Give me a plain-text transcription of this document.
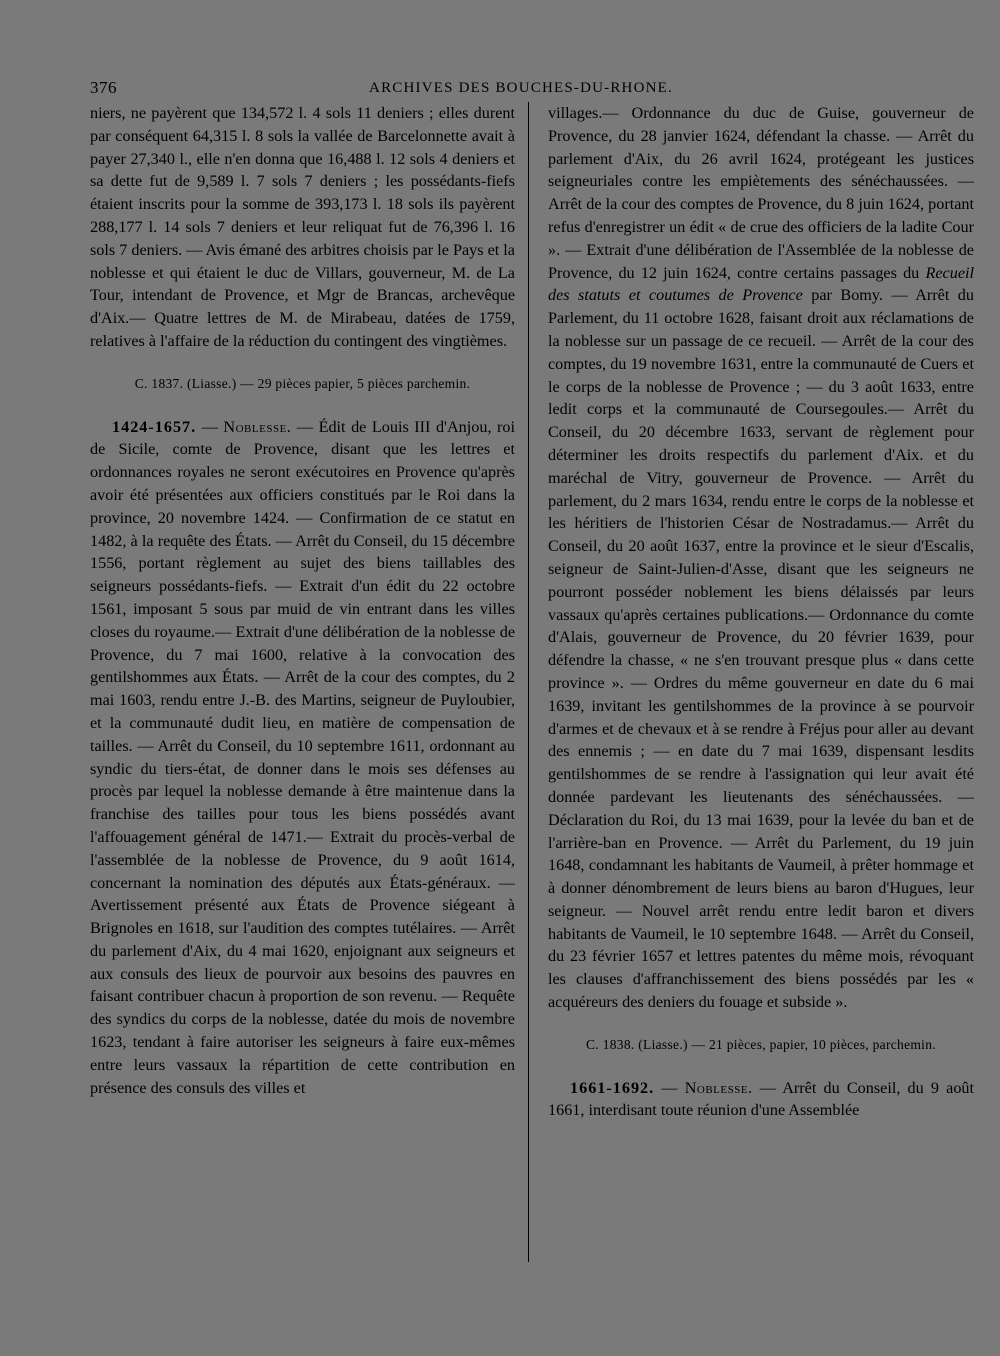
376	ARCHIVES DES BOUCHES-DU-RHONE.

niers, ne payèrent que 134,572 l. 4 sols 11 deniers ; elles durent par conséquent 64,315 l. 8 sols la vallée de Barcelonnette avait à payer 27,340 l., elle n'en donna que 16,488 l. 12 sols 4 deniers et sa dette fut de 9,589 l. 7 sols 7 deniers ; les possédants-fiefs étaient inscrits pour la somme de 393,173 l. 18 sols ils payèrent 288,177 l. 14 sols 7 deniers et leur reliquat fut de 76,396 l. 16 sols 7 deniers. — Avis émané des arbitres choisis par le Pays et la noblesse et qui étaient le duc de Villars, gouverneur, M. de La Tour, intendant de Provence, et Mgr de Brancas, archevêque d'Aix.— Quatre lettres de M. de Mirabeau, datées de 1759, relatives à l'affaire de la réduction du contingent des vingtièmes.

C. 1837. (Liasse.) — 29 pièces papier, 5 pièces parchemin.

1424-1657. — Noblesse. — Édit de Louis III d'Anjou, roi de Sicile, comte de Provence, disant que les lettres et ordonnances royales ne seront exécutoires en Provence qu'après avoir été présentées aux officiers constitués par le Roi dans la province, 20 novembre 1424. — Confirmation de ce statut en 1482, à la requête des États. — Arrêt du Conseil, du 15 décembre 1556, portant règlement au sujet des biens taillables des seigneurs possédants-fiefs. — Extrait d'un édit du 22 octobre 1561, imposant 5 sous par muid de vin entrant dans les villes closes du royaume.— Extrait d'une délibération de la noblesse de Provence, du 7 mai 1600, relative à la convocation des gentilshommes aux États. — Arrêt de la cour des comptes, du 2 mai 1603, rendu entre J.-B. des Martins, seigneur de Puyloubier, et la communauté dudit lieu, en matière de compensation de tailles. — Arrêt du Conseil, du 10 septembre 1611, ordonnant au syndic du tiers-état, de donner dans le mois ses défenses au procès par lequel la noblesse demande à être maintenue dans la franchise des tailles pour tous les biens possédés avant l'affouagement général de 1471.— Extrait du procès-verbal de l'assemblée de la noblesse de Provence, du 9 août 1614, concernant la nomination des députés aux États-généraux. — Avertissement présenté aux États de Provence siégeant à Brignoles en 1618, sur l'audition des comptes tutélaires. — Arrêt du parlement d'Aix, du 4 mai 1620, enjoignant aux seigneurs et aux consuls des lieux de pourvoir aux besoins des pauvres en faisant contribuer chacun à proportion de son revenu. — Requête des syndics du corps de la noblesse, datée du mois de novembre 1623, tendant à faire autoriser les seigneurs à faire eux-mêmes entre leurs vassaux la répartition de cette contribution en présence des consuls des villes et

villages.— Ordonnance du duc de Guise, gouverneur de Provence, du 28 janvier 1624, défendant la chasse. — Arrêt du parlement d'Aix, du 26 avril 1624, protégeant les justices seigneuriales contre les empiètements des sénéchaussées. — Arrêt de la cour des comptes de Provence, du 8 juin 1624, portant refus d'enregistrer un édit « de crue des officiers de la ladite Cour ». — Extrait d'une délibération de l'Assemblée de la noblesse de Provence, du 12 juin 1624, contre certains passages du Recueil des statuts et coutumes de Provence par Bomy. — Arrêt du Parlement, du 11 octobre 1628, faisant droit aux réclamations de la noblesse sur un passage de ce recueil. — Arrêt de la cour des comptes, du 19 novembre 1631, entre la communauté de Cuers et le corps de la noblesse de Provence ; — du 3 août 1633, entre ledit corps et la communauté de Coursegoules.— Arrêt du Conseil, du 20 décembre 1633, servant de règlement pour déterminer les droits respectifs du parlement d'Aix. et du maréchal de Vitry, gouverneur de Provence. — Arrêt du parlement, du 2 mars 1634, rendu entre le corps de la noblesse et les héritiers de l'historien César de Nostradamus.— Arrêt du Conseil, du 20 août 1637, entre la province et le sieur d'Escalis, seigneur de Saint-Julien-d'Asse, disant que les seigneurs ne pourront posséder noblement les biens délaissés par leurs vassaux qu'après certaines publications.— Ordonnance du comte d'Alais, gouverneur de Provence, du 20 février 1639, pour défendre la chasse, « ne s'en trouvant presque plus « dans cette province ». — Ordres du même gouverneur en date du 6 mai 1639, invitant les gentilshommes de la province à se pourvoir d'armes et de chevaux et à se rendre à Fréjus pour aller au devant des ennemis ; — en date du 7 mai 1639, dispensant lesdits gentilshommes de se rendre à l'assignation qui leur avait été donnée pardevant les lieutenants des sénéchaussées. — Déclaration du Roi, du 13 mai 1639, pour la levée du ban et de l'arrière-ban en Provence. — Arrêt du Parlement, du 19 juin 1648, condamnant les habitants de Vaumeil, à prêter hommage et à donner dénombrement de leurs biens au baron d'Hugues, leur seigneur. — Nouvel arrêt rendu entre ledit baron et divers habitants de Vaumeil, le 10 septembre 1648. — Arrêt du Conseil, du 23 février 1657 et lettres patentes du même mois, révoquant les clauses d'affranchissement des biens possédés par les « acquéreurs des deniers du fouage et subside ».

C. 1838. (Liasse.) — 21 pièces, papier, 10 pièces, parchemin.

1661-1692. — Noblesse. — Arrêt du Conseil, du 9 août 1661, interdisant toute réunion d'une Assemblée
